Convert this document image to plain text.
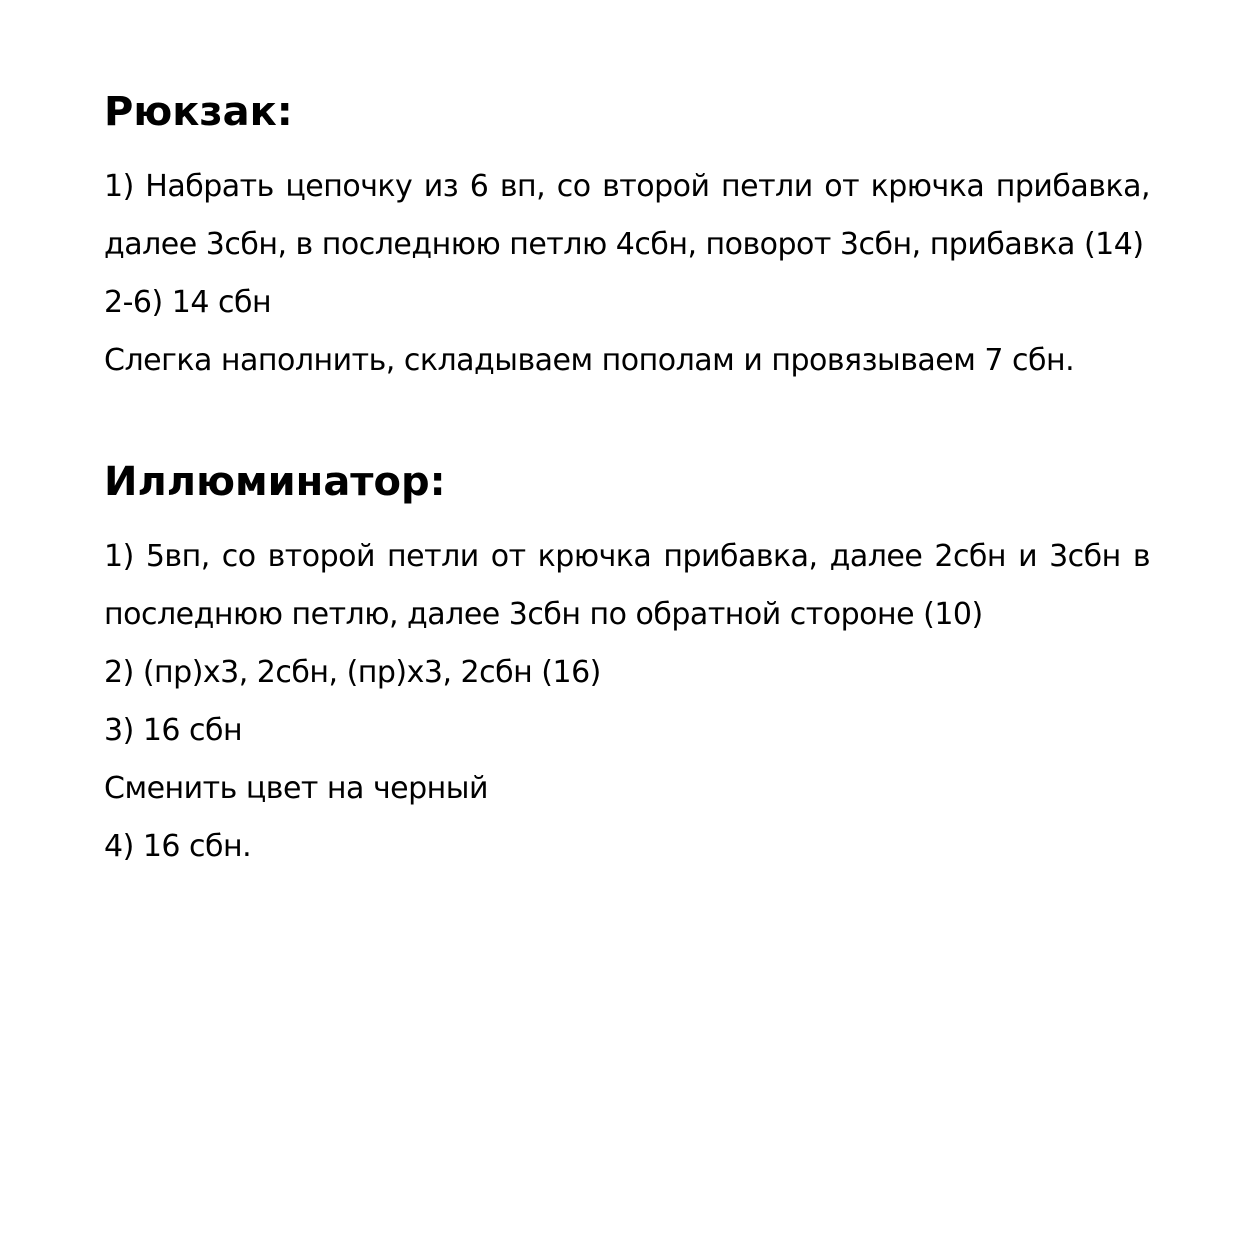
Рюкзак:

1) Набрать цепочку из 6 вп, со второй петли от крючка прибавка, далее 3сбн, в последнюю петлю 4сбн, поворот 3сбн, прибавка (14)

2-6) 14 сбн

Слегка наполнить, складываем пополам и провязываем 7 сбн.

Иллюминатор:

1) 5вп, со второй петли от крючка прибавка, далее 2сбн и 3сбн в последнюю петлю, далее 3сбн по обратной стороне (10)

2) (пр)х3, 2сбн, (пр)х3, 2сбн (16)

3) 16 сбн

Сменить цвет на черный

4) 16 сбн.
